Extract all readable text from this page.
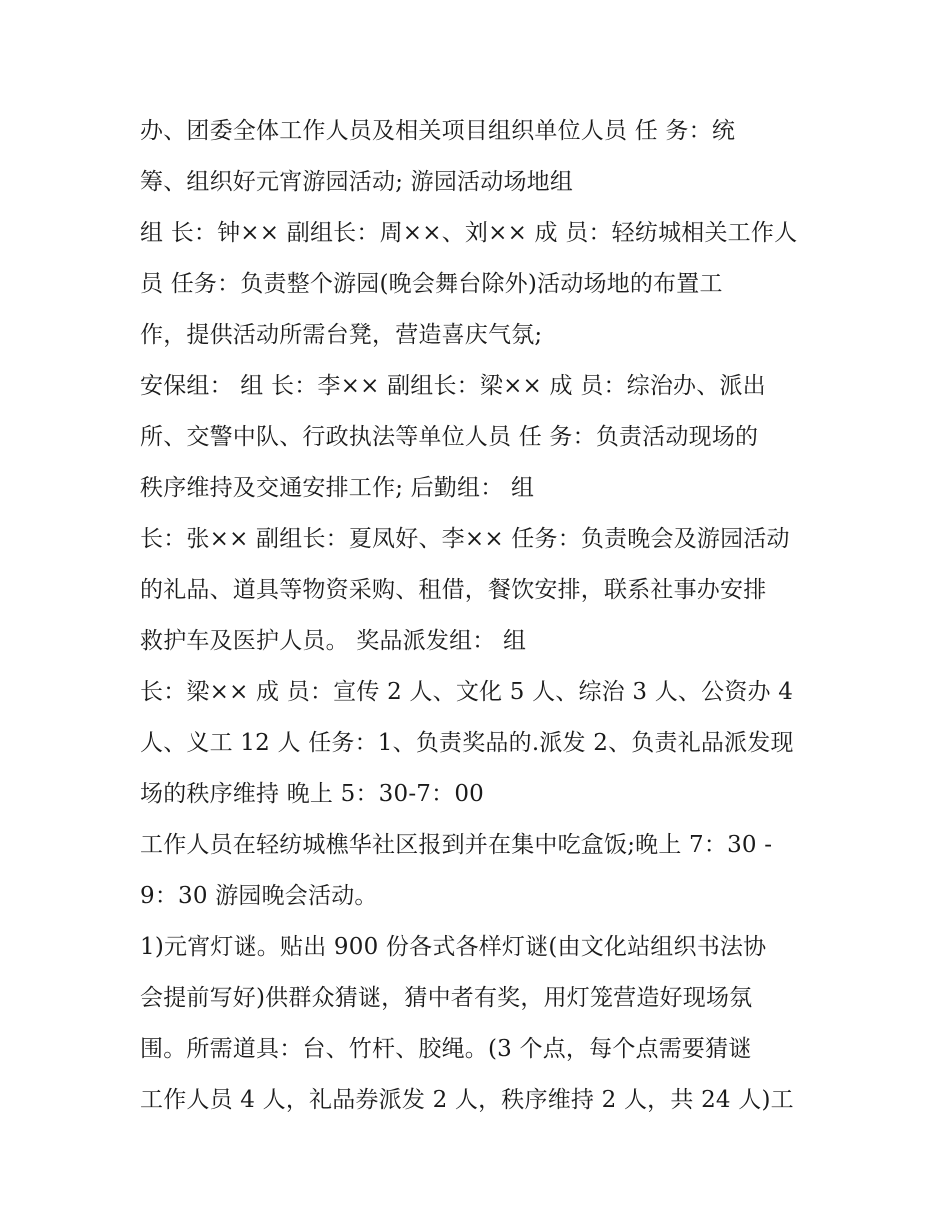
办、团委全体工作人员及相关项目组织单位人员 任 务：统
筹、组织好元宵游园活动; 游园活动场地组
组 长：钟×× 副组长：周××、刘×× 成 员：轻纺城相关工作人
员 任务：负责整个游园(晚会舞台除外)活动场地的布置工
作，提供活动所需台凳，营造喜庆气氛;
安保组： 组 长：李×× 副组长：梁×× 成 员：综治办、派出
所、交警中队、行政执法等单位人员 任 务：负责活动现场的
秩序维持及交通安排工作; 后勤组： 组
长：张×× 副组长：夏凤好、李×× 任务：负责晚会及游园活动
的礼品、道具等物资采购、租借，餐饮安排，联系社事办安排
救护车及医护人员。 奖品派发组： 组
长：梁×× 成 员：宣传 2 人、文化 5 人、综治 3 人、公资办 4
人、义工 12 人 任务：1、负责奖品的.派发 2、负责礼品派发现
场的秩序维持 晚上 5：30-7：00
工作人员在轻纺城樵华社区报到并在集中吃盒饭;晚上 7：30 -
9：30 游园晚会活动。
1)元宵灯谜。贴出 900 份各式各样灯谜(由文化站组织书法协
会提前写好)供群众猜谜，猜中者有奖，用灯笼营造好现场氛
围。所需道具：台、竹杆、胶绳。(3 个点，每个点需要猜谜
工作人员 4 人，礼品券派发 2 人，秩序维持 2 人，共 24 人)工
